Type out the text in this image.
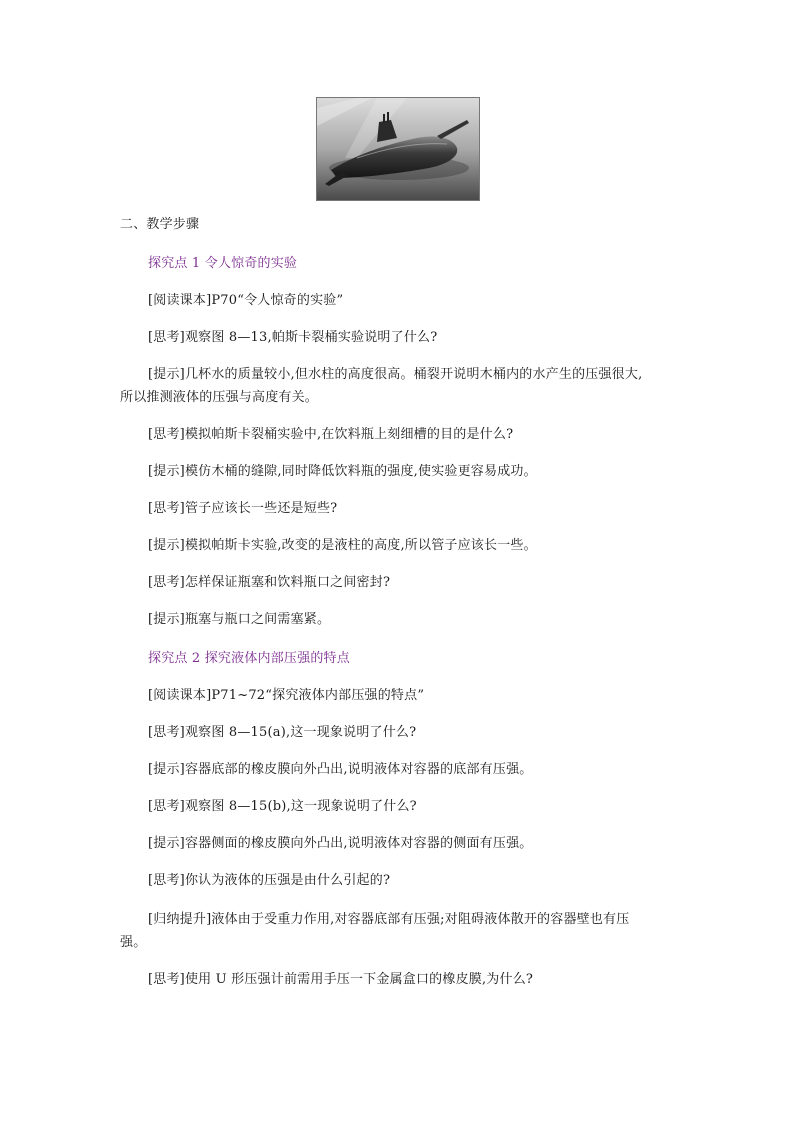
二、教学步骤
探究点 1 令人惊奇的实验
[阅读课本]P70“令人惊奇的实验”
[思考]观察图 8—13,帕斯卡裂桶实验说明了什么?
[提示]几杯水的质量较小,但水柱的高度很高。桶裂开说明木桶内的水产生的压强很大,
所以推测液体的压强与高度有关。
[思考]模拟帕斯卡裂桶实验中,在饮料瓶上刻细槽的目的是什么?
[提示]模仿木桶的缝隙,同时降低饮料瓶的强度,使实验更容易成功。
[思考]管子应该长一些还是短些?
[提示]模拟帕斯卡实验,改变的是液柱的高度,所以管子应该长一些。
[思考]怎样保证瓶塞和饮料瓶口之间密封?
[提示]瓶塞与瓶口之间需塞紧。
探究点 2 探究液体内部压强的特点
[阅读课本]P71~72“探究液体内部压强的特点”
[思考]观察图 8—15(a),这一现象说明了什么?
[提示]容器底部的橡皮膜向外凸出,说明液体对容器的底部有压强。
[思考]观察图 8—15(b),这一现象说明了什么?
[提示]容器侧面的橡皮膜向外凸出,说明液体对容器的侧面有压强。
[思考]你认为液体的压强是由什么引起的?
[归纳提升]液体由于受重力作用,对容器底部有压强;对阻碍液体散开的容器壁也有压
强。
[思考]使用 U 形压强计前需用手压一下金属盒口的橡皮膜,为什么?
